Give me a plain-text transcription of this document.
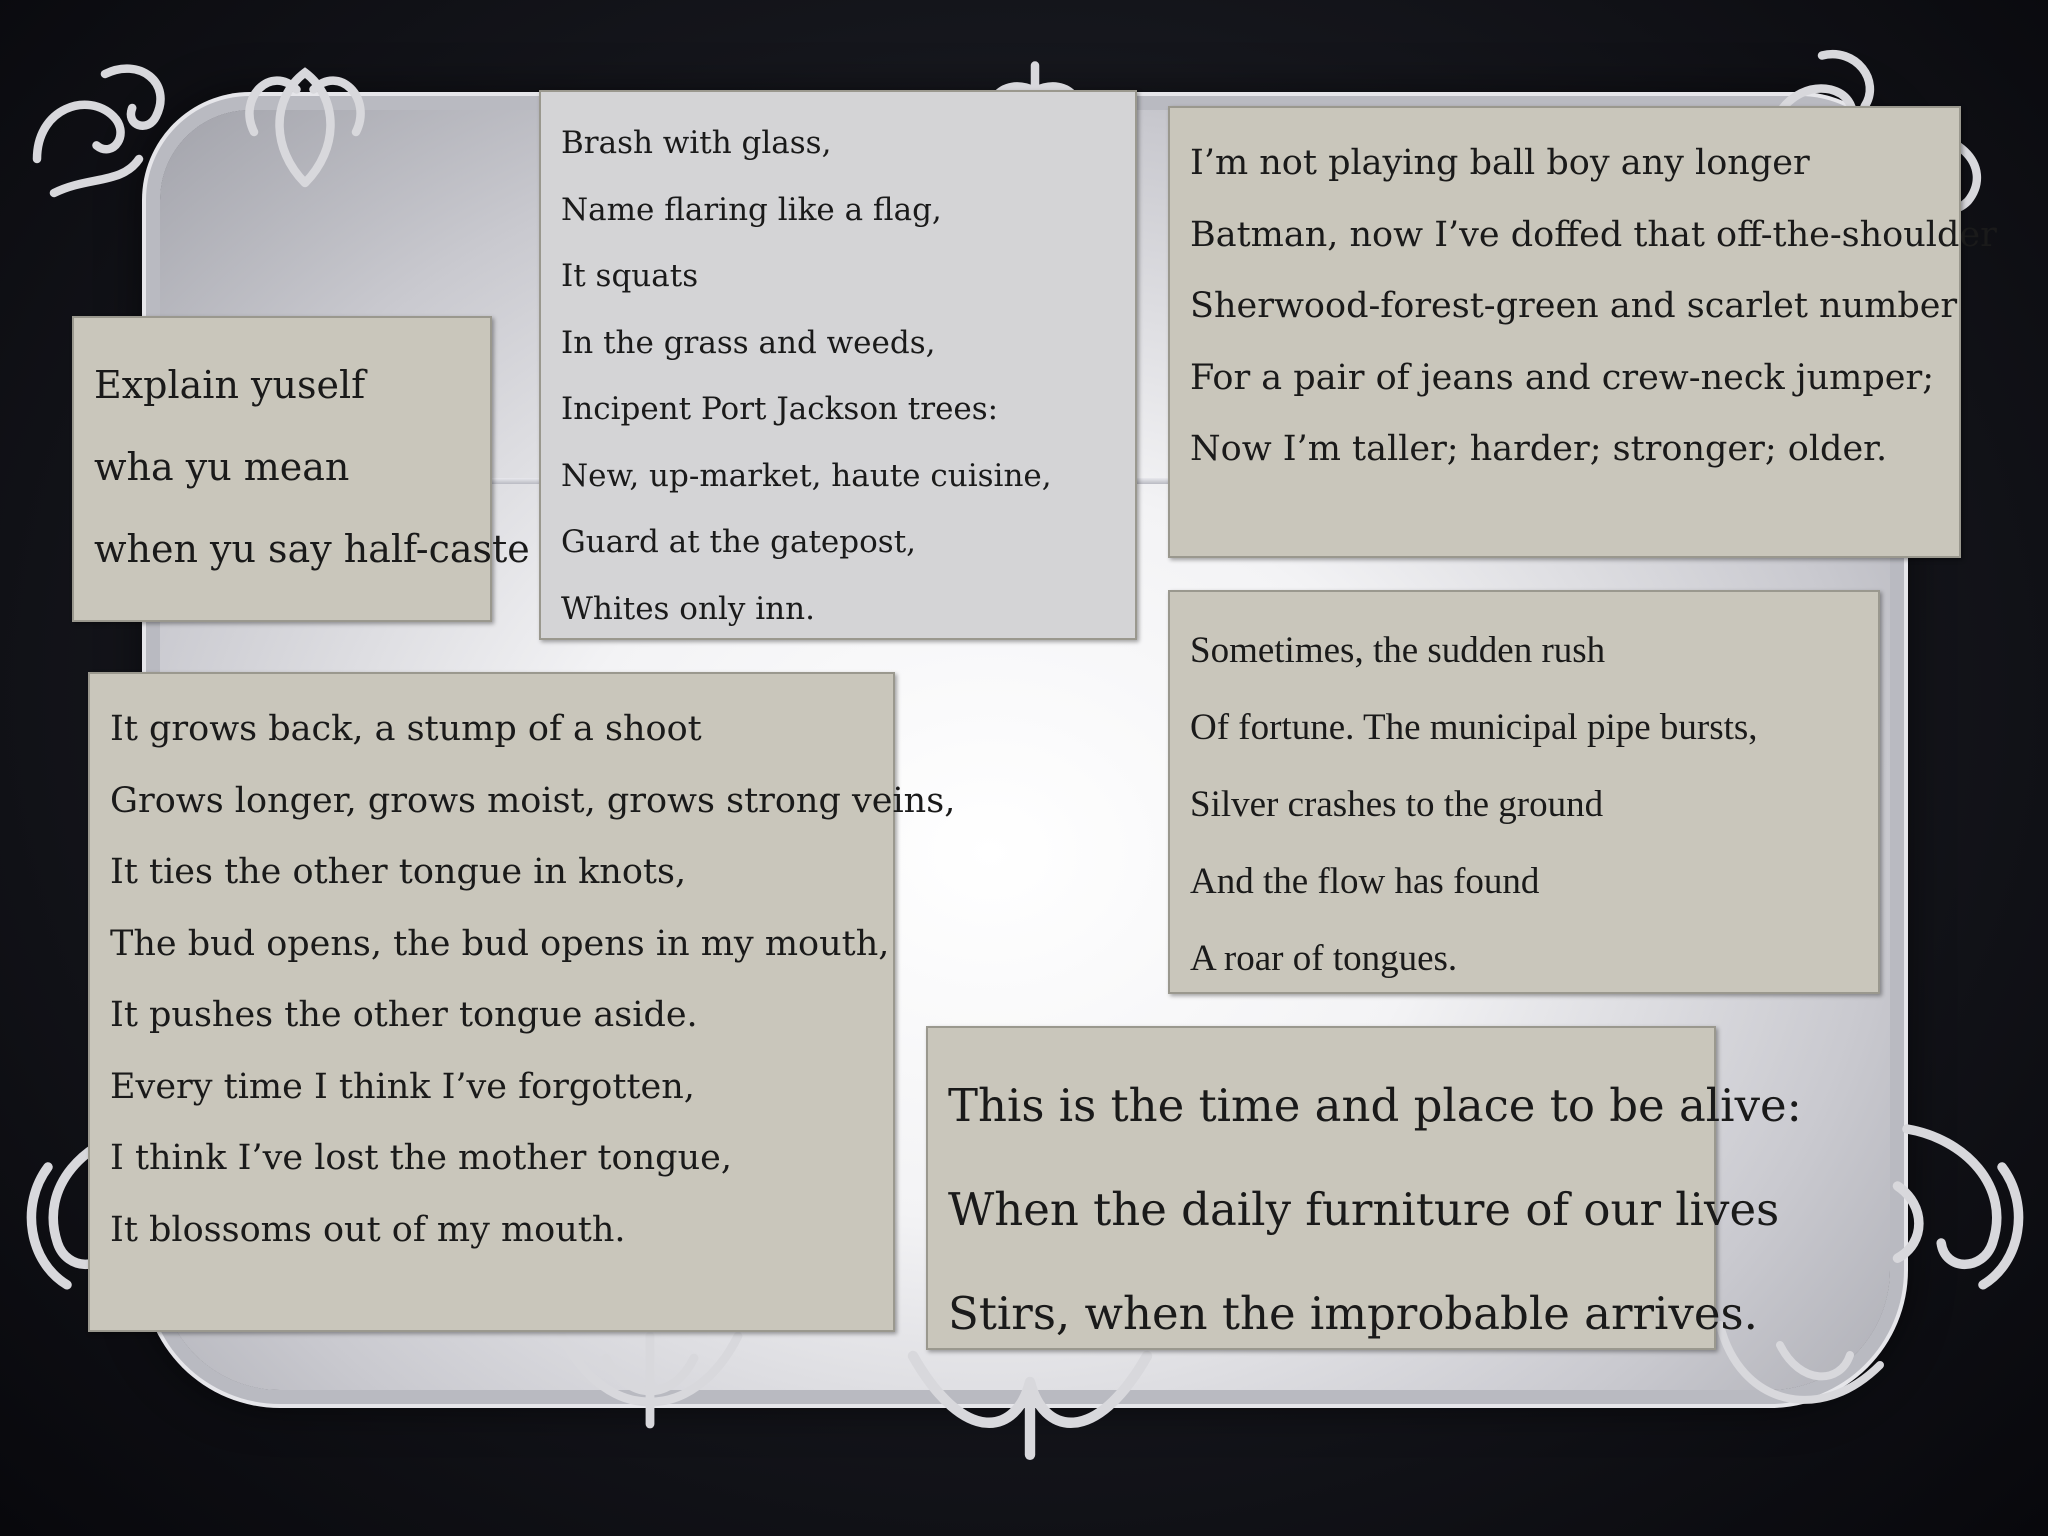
Explain yuself
wha yu mean
when yu say half-caste
Brash with glass,
Name flaring like a flag,
It squats
In the grass and weeds,
Incipent Port Jackson trees:
New, up-market, haute cuisine,
Guard at the gatepost,
Whites only inn.
I’m not playing ball boy any longer
Batman, now I’ve doffed that off-the-shoulder
Sherwood-forest-green and scarlet number
For a pair of jeans and crew-neck jumper;
Now I’m taller; harder; stronger; older.
Sometimes, the sudden rush
Of fortune. The municipal pipe bursts,
Silver crashes to the ground
And the flow has found
A roar of tongues.
It grows back, a stump of a shoot
Grows longer, grows moist, grows strong veins,
It ties the other tongue in knots,
The bud opens, the bud opens in my mouth,
It pushes the other tongue aside.
Every time I think I’ve forgotten,
I think I’ve lost the mother tongue,
It blossoms out of my mouth.
This is the time and place to be alive:
When the daily furniture of our lives
Stirs, when the improbable arrives.
